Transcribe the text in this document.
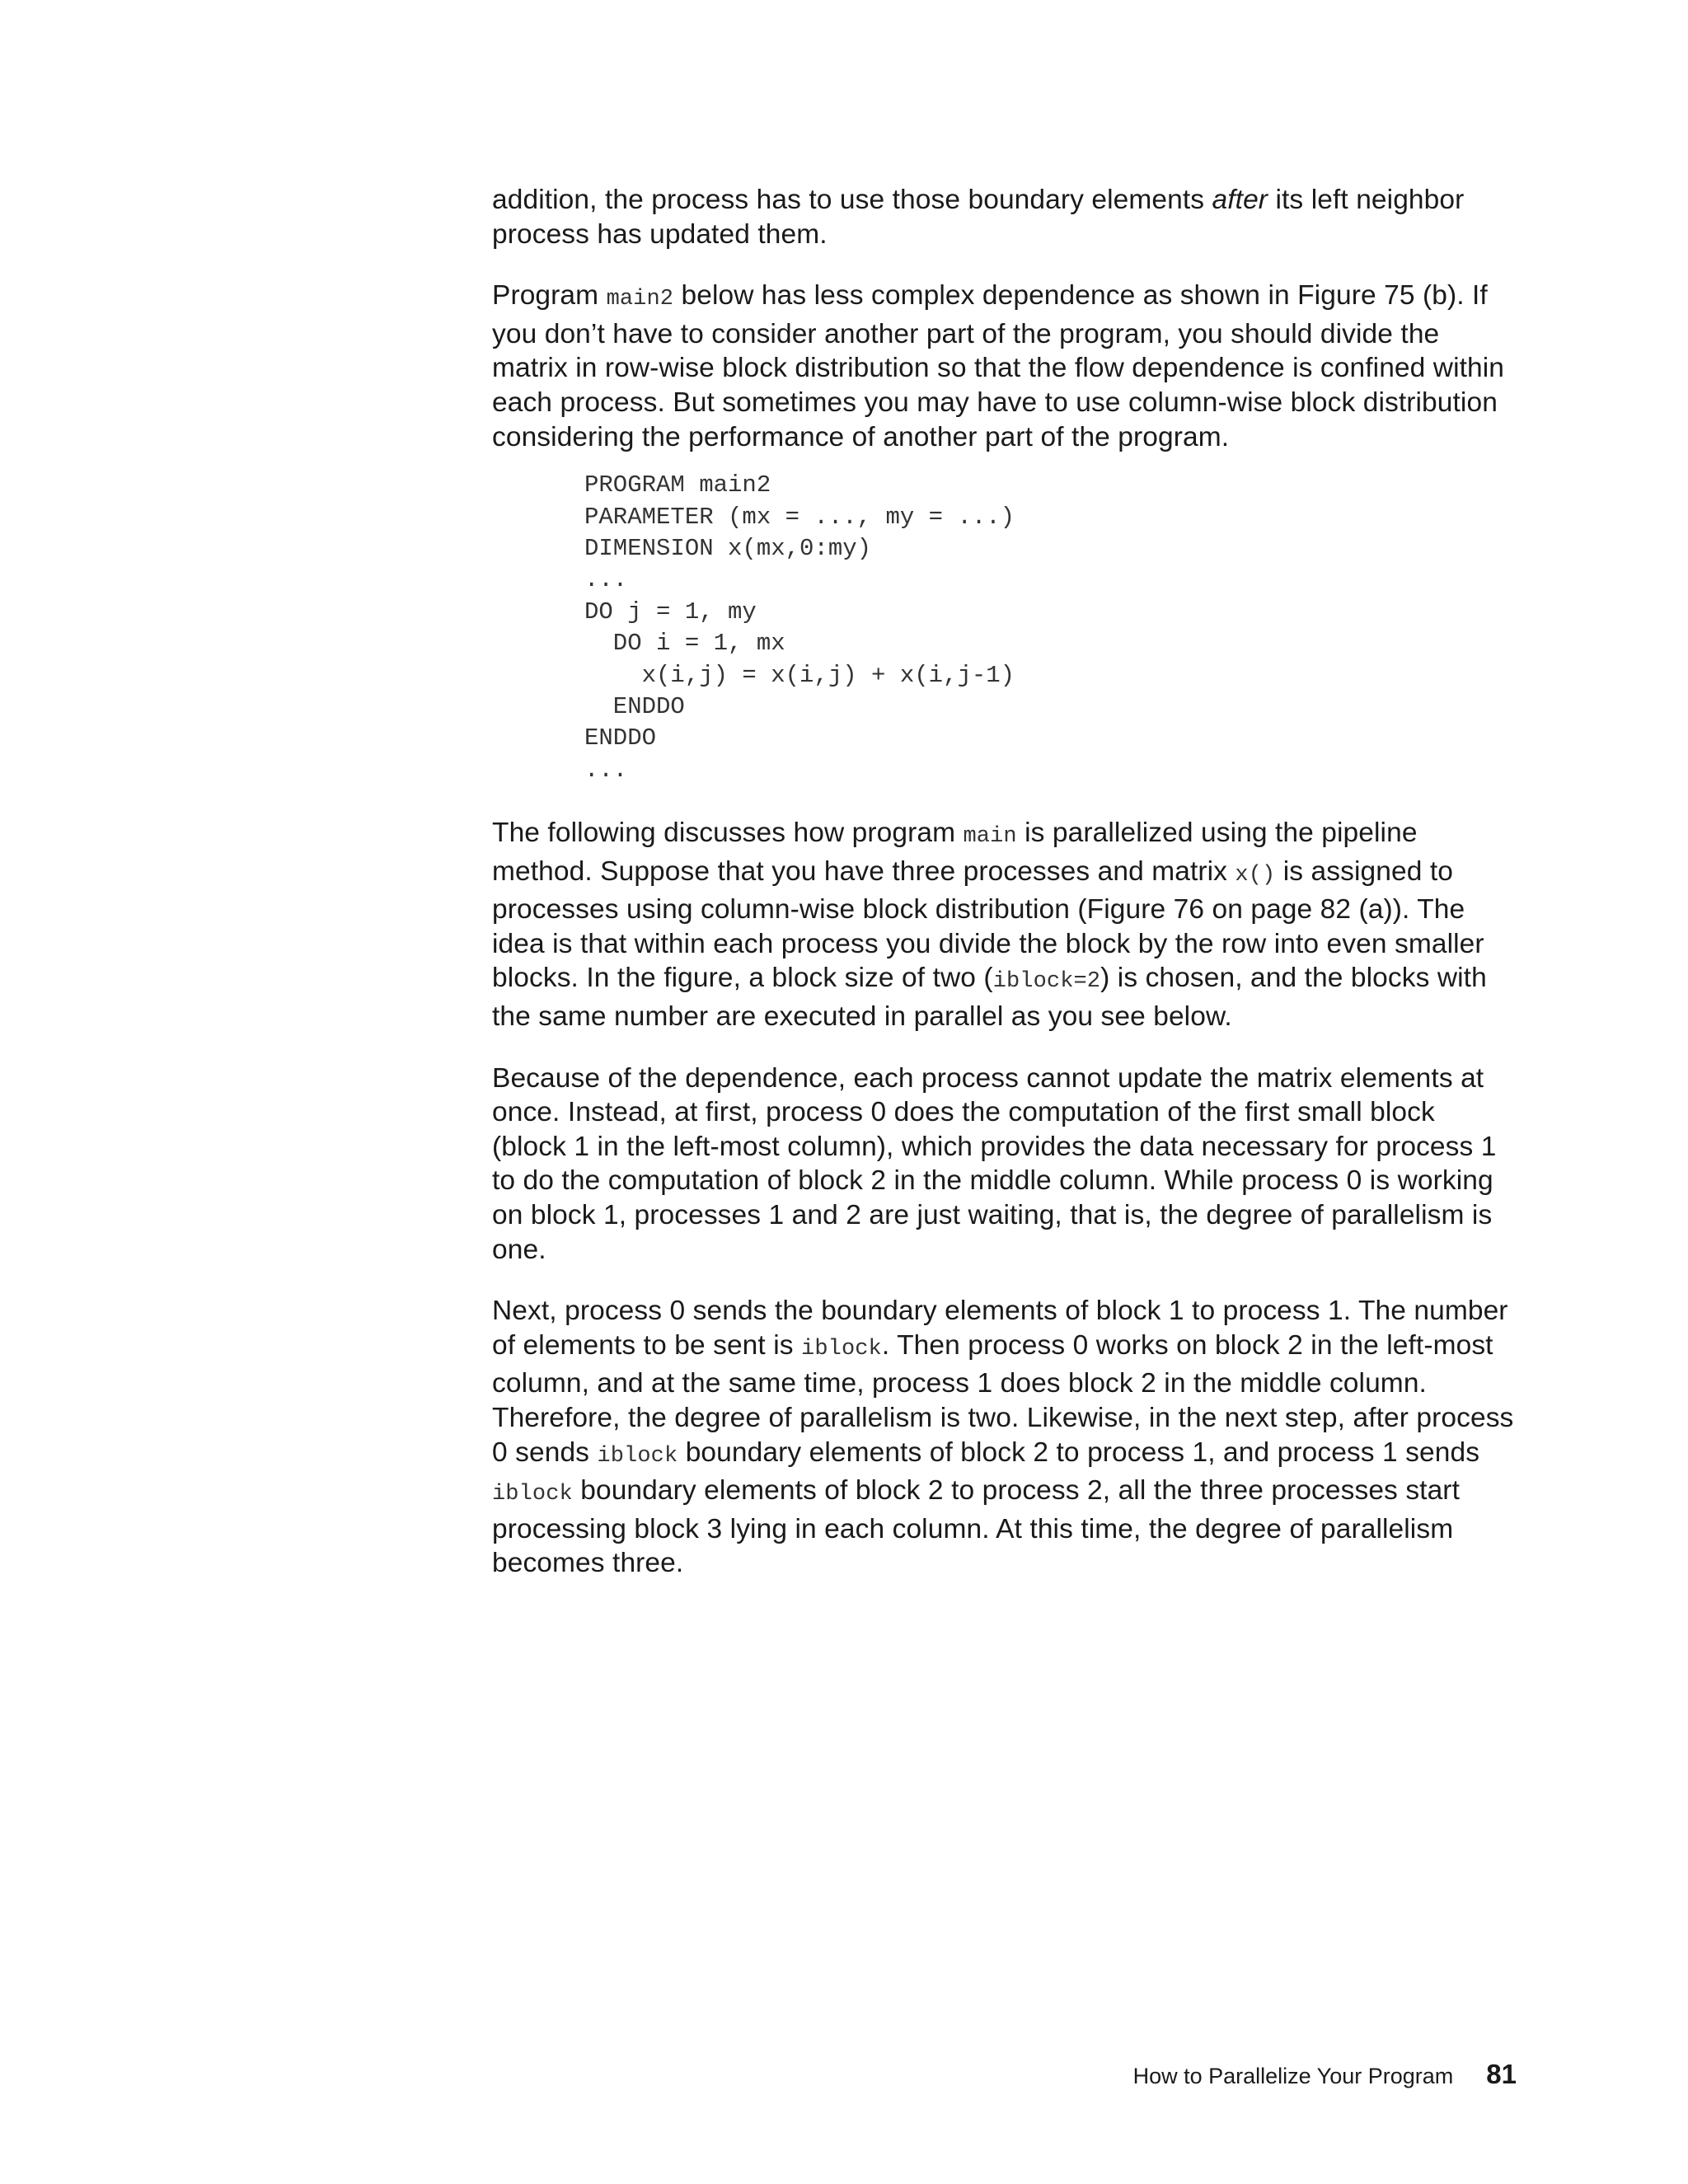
addition, the process has to use those boundary elements after its left neighbor process has updated them.

Program main2 below has less complex dependence as shown in Figure 75 (b). If you don’t have to consider another part of the program, you should divide the matrix in row-wise block distribution so that the flow dependence is confined within each process. But sometimes you may have to use column-wise block distribution considering the performance of another part of the program.

PROGRAM main2
PARAMETER (mx = ..., my = ...)
DIMENSION x(mx,0:my)
...
DO j = 1, my
DO i = 1, mx
x(i,j) = x(i,j) + x(i,j-1)
ENDDO
ENDDO
...

The following discusses how program main is parallelized using the pipeline method. Suppose that you have three processes and matrix x() is assigned to processes using column-wise block distribution (Figure 76 on page 82 (a)). The idea is that within each process you divide the block by the row into even smaller blocks. In the figure, a block size of two (iblock=2) is chosen, and the blocks with the same number are executed in parallel as you see below.

Because of the dependence, each process cannot update the matrix elements at once. Instead, at first, process 0 does the computation of the first small block (block 1 in the left-most column), which provides the data necessary for process 1 to do the computation of block 2 in the middle column. While process 0 is working on block 1, processes 1 and 2 are just waiting, that is, the degree of parallelism is one.

Next, process 0 sends the boundary elements of block 1 to process 1. The number of elements to be sent is iblock. Then process 0 works on block 2 in the left-most column, and at the same time, process 1 does block 2 in the middle column. Therefore, the degree of parallelism is two. Likewise, in the next step, after process 0 sends iblock boundary elements of block 2 to process 1, and process 1 sends iblock boundary elements of block 2 to process 2, all the three processes start processing block 3 lying in each column. At this time, the degree of parallelism becomes three.

How to Parallelize Your Program 81
